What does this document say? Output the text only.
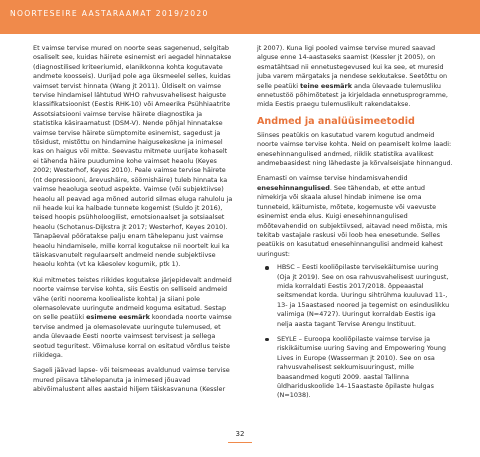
NOORTESEIRE AASTARAAMAT 2019/2020

Et vaimse tervise mured on noorte seas sagenenud, selgitab osaliselt see, kuidas häirete esinemist eri aegadel hinnatakse (diagnostilised kriteeriumid, elanikkonna kohta kogutavate andmete koosseis). Uurijad pole aga üksmeelel selles, kuidas vaimset tervist hinnata (Wang jt 2011). Üldiselt on vaimse tervise hindamisel lähtutud WHO rahvusvahelisest haiguste klassifikatsioonist (Eestis RHK-10) või Ameerika Psühhiaatrite Assotsiatsiooni vaimse tervise häirete diagnostika ja statistika käsiraamatust (DSM-V). Nende põhjal hinnatakse vaimse tervise häirete sümptomite esinemist, sagedust ja tõsidust, mistõttu on hindamine haigusekeskne ja inimesel kas on haigus või mitte. Seevastu mitmete uurijate kohaselt ei tähenda häire puudumine kohe vaimset heaolu (Keyes 2002; Westerhof, Keyes 2010). Peale vaimse tervise häirete (nt depressiooni, ärevushäire, söömishäire) tuleb hinnata ka vaimse heaoluga seotud aspekte. Vaimse (või subjektiivse) heaolu all peavad aga mõned autorid silmas eluga rahulolu ja nii heade kui ka halbade tunnete kogemist (Suldo jt 2016), teised hoopis psühholoogilist, emotsionaalset ja sotsiaalset heaolu (Schotanus-Dijkstra jt 2017; Westerhof, Keyes 2010). Tänapäeval pööratakse palju enam tähelepanu just vaimse heaolu hindamisele, mille korral kogutakse nii noortelt kui ka täiskasvanutelt regulaarselt andmeid nende subjektiivse heaolu kohta (vt ka käesolev kogumik, ptk 1).

Kui mitmetes teistes riikides kogutakse järjepidevalt andmeid noorte vaimse tervise kohta, siis Eestis on selliseid andmeid vähe (eriti noorema kooliealiste kohta) ja siiani pole olemasolevate uuringute andmeid koguma esitatud. Sestap on selle peatüki esimene eesmärk koondada noorte vaimse tervise andmed ja olemasolevate uuringute tulemused, et anda ülevaade Eesti noorte vaimsest tervisest ja sellega seotud teguritest. Võimaluse korral on esitatud võrdlus teiste riikidega.

Sageli jäävad lapse- või teismeeas avaldunud vaimse tervise mured piisava tähelepanuta ja inimesed jõuavad abivõimalustent alles aastaid hiljem täiskasvanuna (Kessler

jt 2007). Kuna ligi pooled vaimse tervise mured saavad alguse enne 14-aastaseks saamist (Kessler jt 2005), on esmatähtsad nii ennetustegevused kui ka see, et muresid juba varem märgataks ja nendese sekkutakse. Seetõttu on selle peatüki teine eesmärk anda ülevaade tulemusliku ennetustöö põhimõtetest ja kirjeldada ennetusprogramme, mida Eestis praegu tulemuslikult rakendatakse.

Andmed ja analüüsimeetodid

Siinses peatükis on kasutatud varem kogutud andmeid noorte vaimse tervise kohta. Neid on peamiselt kolme laadi: enesehinnangulised andmed, riiklik statistika avalikest andmebaasidest ning lähedaste ja kõrvalseisjate hinnangud.

Enamasti on vaimse tervise hindamisvahendid enesehinnangulised. See tähendab, et ette antud nimekirja või skaala alusel hindab inimene ise oma tunneteid, käitumiste, mõtete, kogemuste või vaevuste esinemist enda elus. Kuigi enesehinnangulised mõõtevahendid on subjektiivsed, aitavad need mõista, mis tekitab vastajale raskusi või loob hea enesetunde. Selles peatükis on kasutatud enesehinnangulisi andmeid kahest uuringust:

HBSC – Eesti kooliõpilaste tervisekäitumise uuring (Oja jt 2019). See on osa rahvusvahelisest uuringust, mida korraldati Eestis 2017/2018. õppeaastal seitsmendat korda. Uuringu sihtrühma kuuluvad 11-, 13- ja 15aastased noored ja tegemist on esinduslikku valimiga (N=4727). Uuringut korraldab Eestis iga nelja aasta tagant Tervise Arengu Instituut.
SEYLE – Euroopa kooliõpilaste vaimse tervise ja riskikäitumise uuring Saving and Empowering Young Lives in Europe (Wasserman jt 2010). See on osa rahvusvahelisest sekkumisuuringust, mille baasandmed koguti 2009. aastal Tallinna üldhariduskoolide 14–15aastaste õpilaste hulgas (N=1038).
32
